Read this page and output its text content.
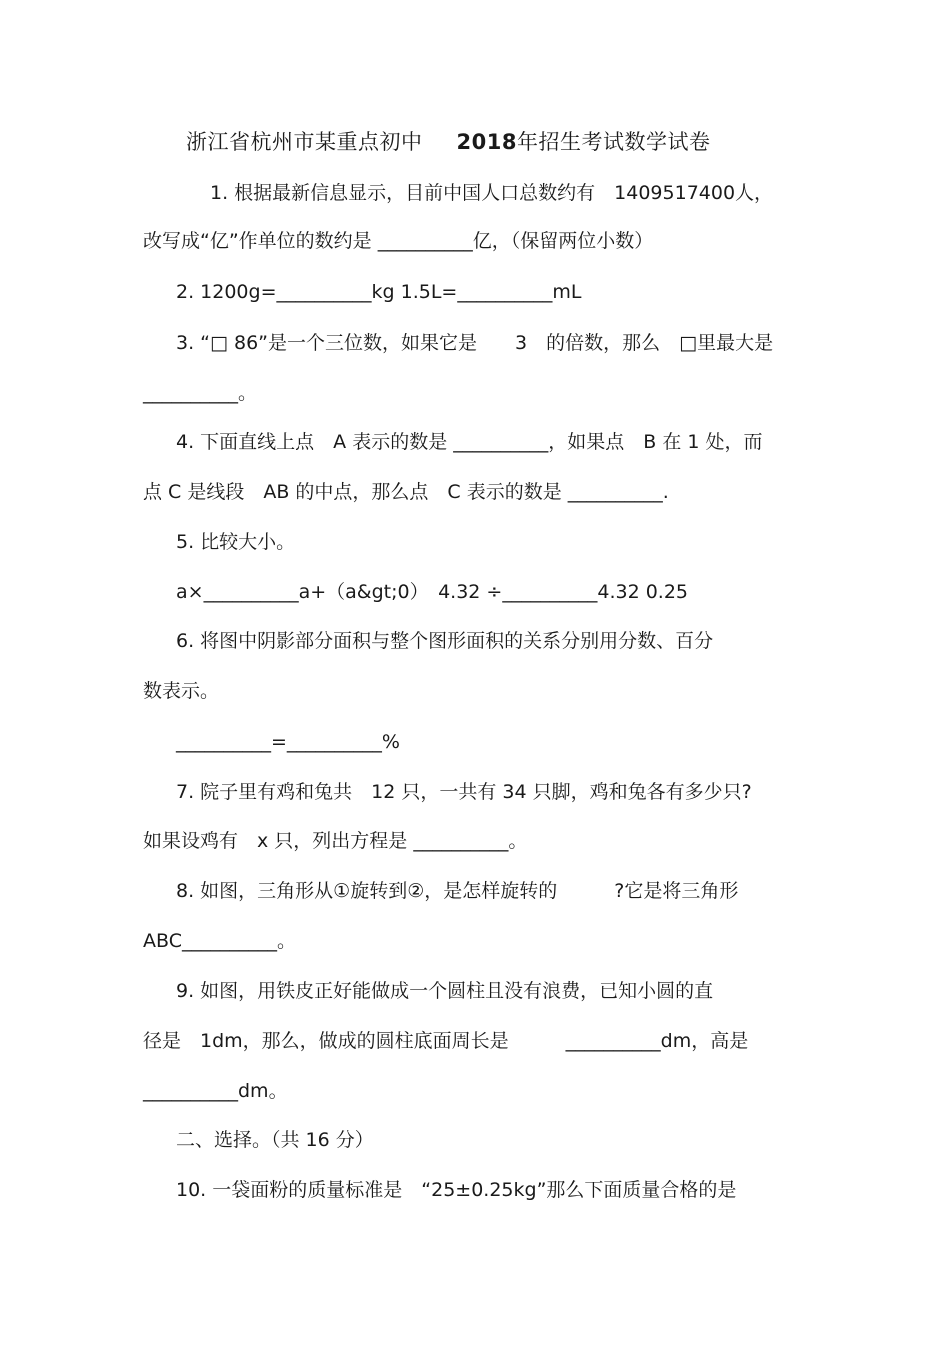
浙江省杭州市某重点初中 2018年招生考试数学试卷
1. 根据最新信息显示，目前中国人口总数约有　1409517400人，
改写成“亿”作单位的数约是 __________亿，（保留两位小数）
2. 1200g=__________kg 1.5L=__________mL
3. “□ 86”是一个三位数，如果它是　　3　的倍数，那么　□里最大是
__________。
4. 下面直线上点　A 表示的数是 __________，如果点　B 在 1 处，而
点 C 是线段　AB 的中点，那么点　C 表示的数是 __________.
5. 比较大小。
a×__________a+（a&gt;0）　4.32 ÷__________4.32 0.25
6. 将图中阴影部分面积与整个图形面积的关系分别用分数、百分
数表示。
__________=__________%
7. 院子里有鸡和兔共　12 只，一共有 34 只脚，鸡和兔各有多少只?
如果设鸡有　x 只，列出方程是 __________。
8. 如图，三角形从①旋转到②，是怎样旋转的　　　?它是将三角形
ABC__________。
9. 如图，用铁皮正好能做成一个圆柱且没有浪费，已知小圆的直
径是　1dm，那么，做成的圆柱底面周长是　　　__________dm，高是
__________dm。
二、选择。（共 16 分）
10. 一袋面粉的质量标准是　“25±0.25kg”那么下面质量合格的是
